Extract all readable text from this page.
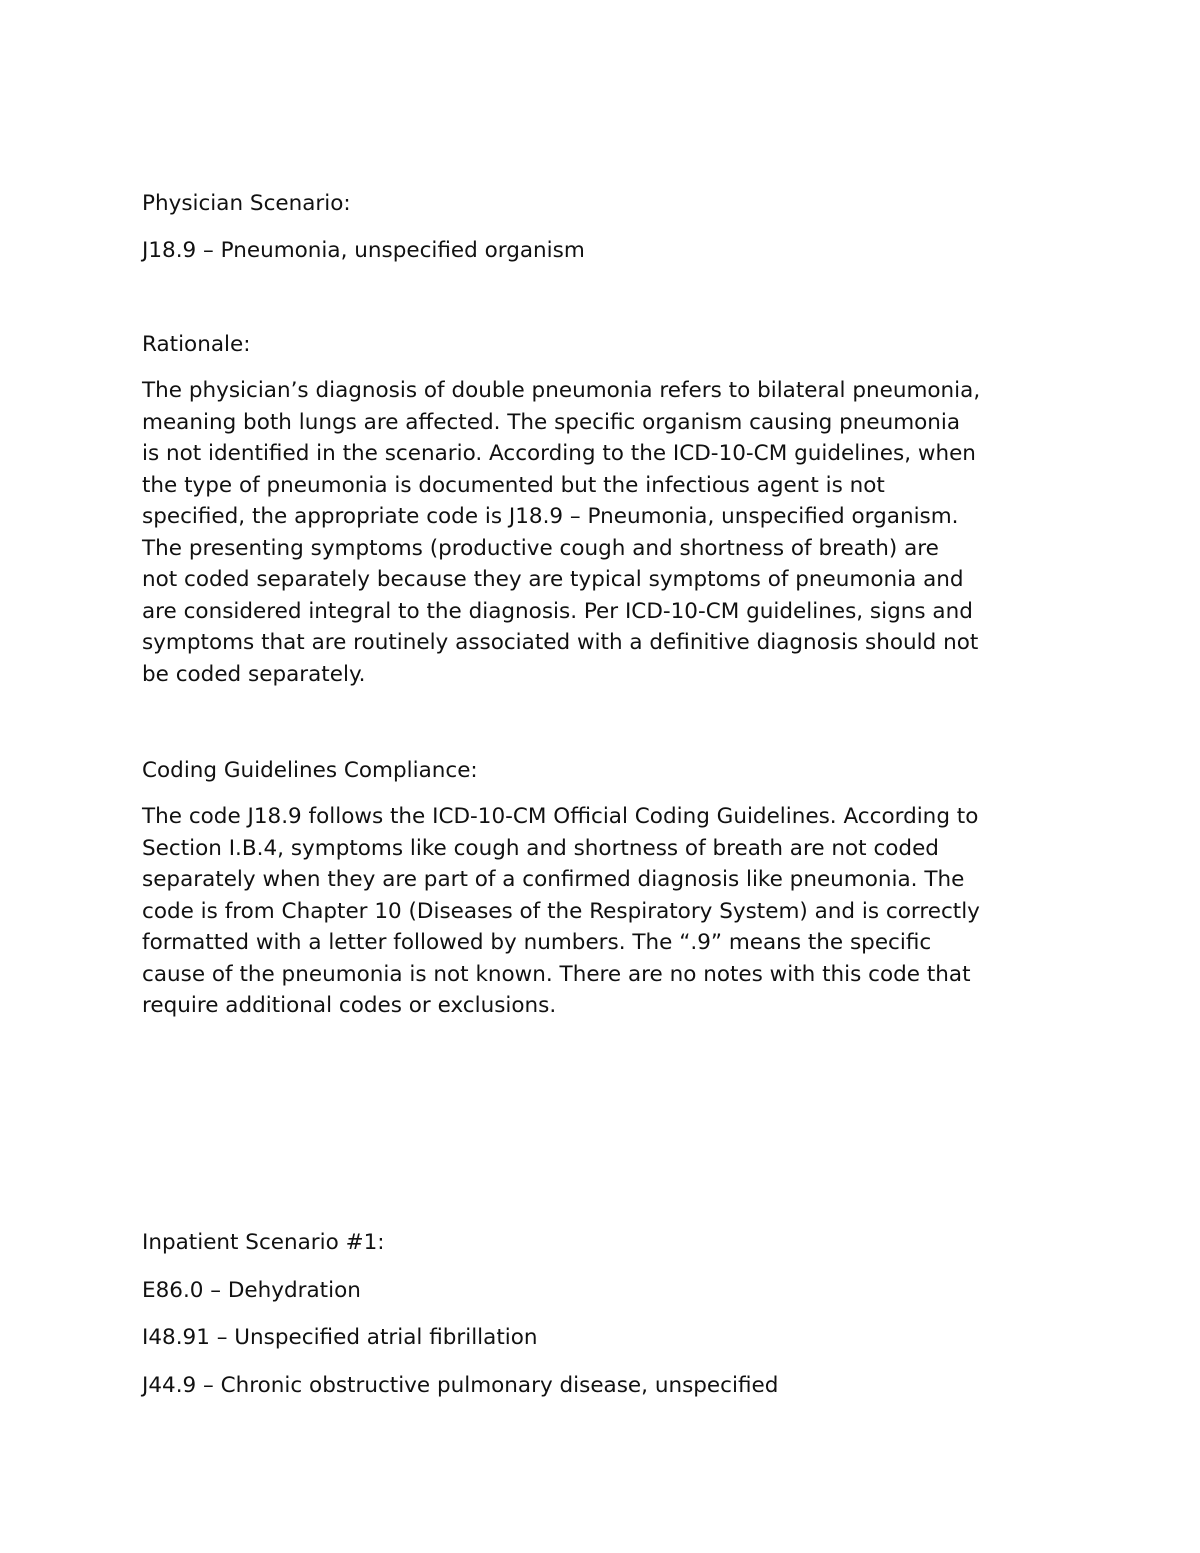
Physician Scenario:
J18.9 – Pneumonia, unspecified organism
Rationale:
The physician’s diagnosis of double pneumonia refers to bilateral pneumonia,
meaning both lungs are affected. The specific organism causing pneumonia
is not identified in the scenario. According to the ICD-10-CM guidelines, when
the type of pneumonia is documented but the infectious agent is not
specified, the appropriate code is J18.9 – Pneumonia, unspecified organism.
The presenting symptoms (productive cough and shortness of breath) are
not coded separately because they are typical symptoms of pneumonia and
are considered integral to the diagnosis. Per ICD-10-CM guidelines, signs and
symptoms that are routinely associated with a definitive diagnosis should not
be coded separately.
Coding Guidelines Compliance:
The code J18.9 follows the ICD-10-CM Official Coding Guidelines. According to
Section I.B.4, symptoms like cough and shortness of breath are not coded
separately when they are part of a confirmed diagnosis like pneumonia. The
code is from Chapter 10 (Diseases of the Respiratory System) and is correctly
formatted with a letter followed by numbers. The “.9” means the specific
cause of the pneumonia is not known. There are no notes with this code that
require additional codes or exclusions.
Inpatient Scenario #1:
E86.0 – Dehydration
I48.91 – Unspecified atrial fibrillation
J44.9 – Chronic obstructive pulmonary disease, unspecified
